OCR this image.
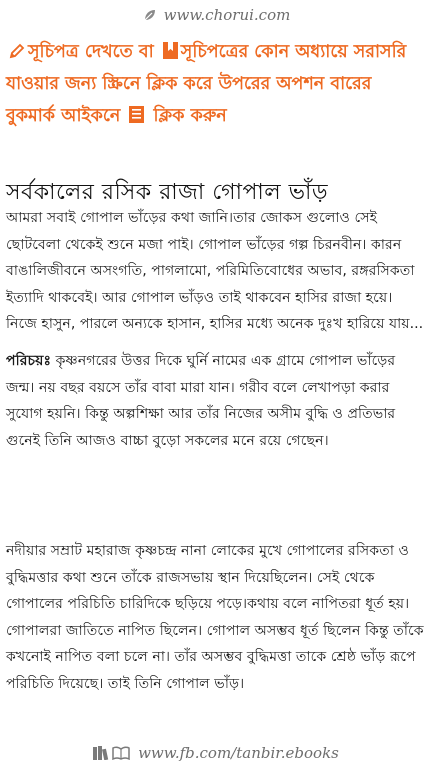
www.chorui.com
সূচিপত্র দেখতে বা সূচিপত্রের কোন অধ্যায়ে সরাসরি যাওয়ার জন্য স্ক্রিনে ক্লিক করে উপরের অপশন বারের বুকমার্ক আইকনে ক্লিক করুন
সর্বকালের রসিক রাজা গোপাল ভাঁড়
আমরা সবাই গোপাল ভাঁড়ের কথা জানি।তার জোকস গুলোও সেই ছোটবেলা থেকেই শুনে মজা পাই। গোপাল ভাঁড়ের গল্প চিরনবীন। কারন বাঙালিজীবনে অসংগতি, পাগলামো, পরিমিতিবোধের অভাব, রঙ্গরসিকতা ইত্যাদি থাকবেই। আর গোপাল ভাঁড়ও তাই থাকবেন হাসির রাজা হয়ে। নিজে হাসুন, পারলে অন্যকে হাসান, হাসির মধ্যে অনেক দুঃখ হারিয়ে যায়...
পরিচয়ঃ কৃষ্ণনগরের উত্তর দিকে ঘুর্নি নামের এক গ্রামে গোপাল ভাঁড়ের জন্ম। নয় বছর বয়সে তাঁর বাবা মারা যান। গরীব বলে লেখাপড়া করার সুযোগ হয়নি। কিন্তু অল্পশিক্ষা আর তাঁর নিজের অসীম বুদ্ধি ও প্রতিভার গুনেই তিনি আজও বাচ্চা বুড়ো সকলের মনে রয়ে গেছেন।
নদীয়ার সম্রাট মহারাজ কৃষ্ণচন্দ্র নানা লোকের মুখে গোপালের রসিকতা ও বুদ্ধিমত্তার কথা শুনে তাঁকে রাজসভায় স্থান দিয়েছিলেন। সেই থেকে গোপালের পরিচিতি চারিদিকে ছড়িয়ে পড়ে।কথায় বলে নাপিতরা ধূর্ত হয়। গোপালরা জাতিতে নাপিত ছিলেন। গোপাল অসম্ভব ধূর্ত ছিলেন কিন্তু তাঁকে কখনোই নাপিত বলা চলে না। তাঁর অসম্ভব বুদ্ধিমত্তা তাকে শ্রেষ্ঠ ভাঁড় রূপে পরিচিতি দিয়েছে। তাই তিনি গোপাল ভাঁড়।
www.fb.com/tanbir.ebooks
